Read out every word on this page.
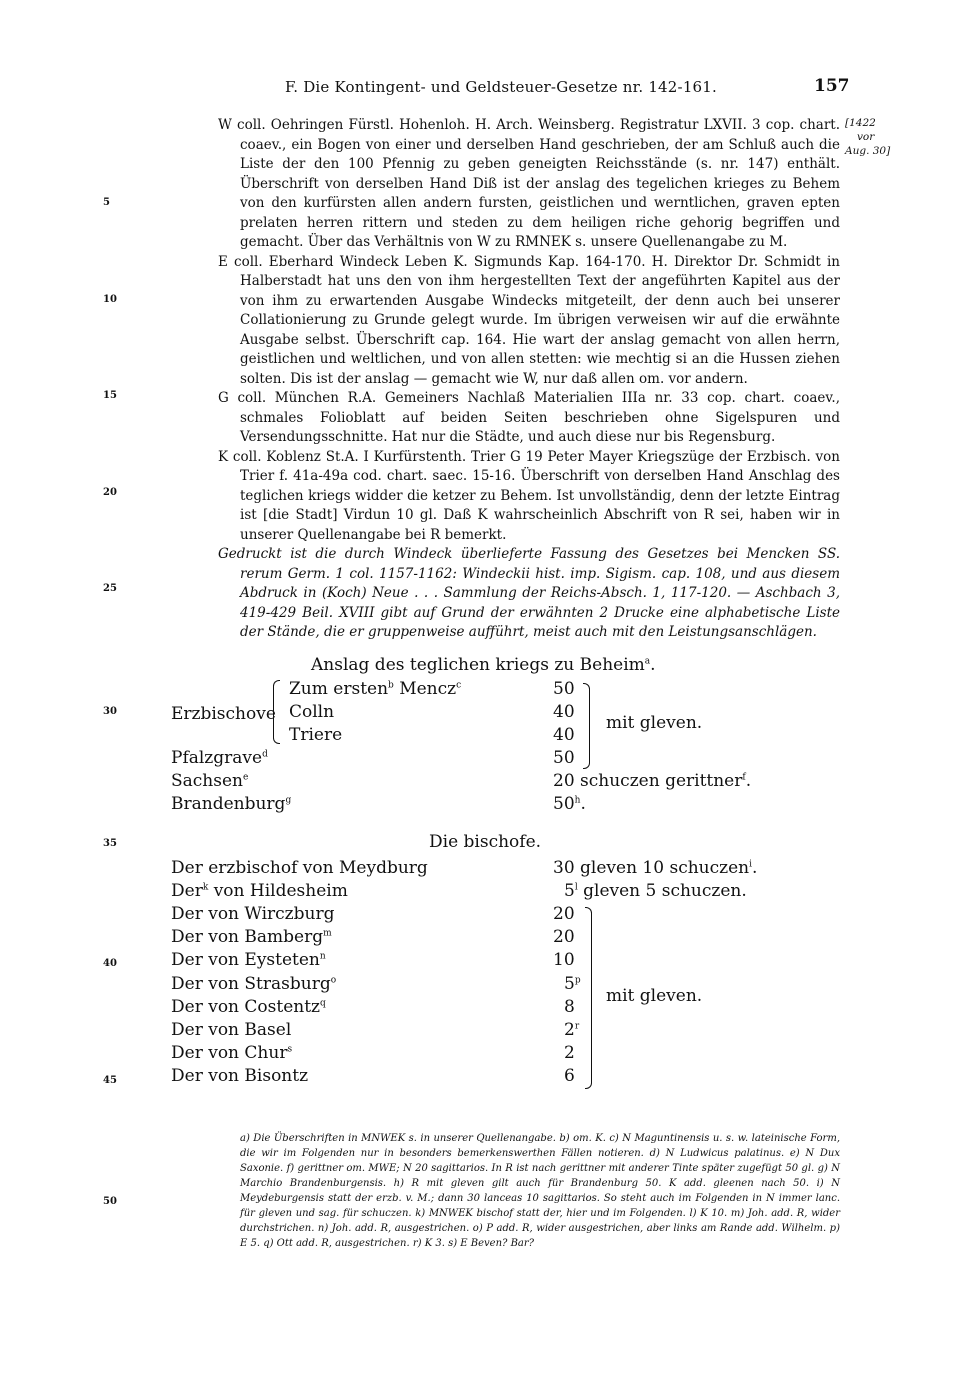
F. Die Kontingent- und Geldsteuer-Gesetze nr. 142-161.	157
[1422
vor
Aug. 30]
5
10
15
20
25
30
35
40
45
50

W coll. Oehringen Fürstl. Hohenloh. H. Arch. Weinsberg. Registratur LXVII. 3 cop. chart. coaev., ein Bogen von einer und derselben Hand geschrieben, der am Schluß auch die Liste der den 100 Pfennig zu geben geneigten Reichsstände (s. nr. 147) enthält. Überschrift von derselben Hand Diß ist der anslag des tegelichen krieges zu Behem von den kurfürsten allen andern fursten, geistlichen und werntlichen, graven epten prelaten herren rittern und steden zu dem heiligen riche gehorig begriffen und gemacht. Über das Verhältnis von W zu RMNEK s. unsere Quellenangabe zu M.

E coll. Eberhard Windeck Leben K. Sigmunds Kap. 164-170. H. Direktor Dr. Schmidt in Halberstadt hat uns den von ihm hergestellten Text der angeführten Kapitel aus der von ihm zu erwartenden Ausgabe Windecks mitgeteilt, der denn auch bei unserer Collationierung zu Grunde gelegt wurde. Im übrigen verweisen wir auf die erwähnte Ausgabe selbst. Überschrift cap. 164. Hie wart der anslag gemacht von allen herrn, geistlichen und weltlichen, und von allen stetten: wie mechtig si an die Hussen ziehen solten. Dis ist der anslag — gemacht wie W, nur daß allen om. vor andern.

G coll. München R.A. Gemeiners Nachlaß Materialien IIIa nr. 33 cop. chart. coaev., schmales Folioblatt auf beiden Seiten beschrieben ohne Sigelspuren und Versendungsschnitte. Hat nur die Städte, und auch diese nur bis Regensburg.

K coll. Koblenz St.A. I Kurfürstenth. Trier G 19 Peter Mayer Kriegszüge der Erzbisch. von Trier f. 41a-49a cod. chart. saec. 15-16. Überschrift von derselben Hand Anschlag des teglichen kriegs widder die ketzer zu Behem. Ist unvollständig, denn der letzte Eintrag ist [die Stadt] Virdun 10 gl. Daß K wahrscheinlich Abschrift von R sei, haben wir in unserer Quellenangabe bei R bemerkt.

Gedruckt ist die durch Windeck überlieferte Fassung des Gesetzes bei Mencken SS. rerum Germ. 1 col. 1157-1162: Windeckii hist. imp. Sigism. cap. 108, und aus diesem Abdruck in (Koch) Neue . . . Sammlung der Reichs-Absch. 1, 117-120. — Aschbach 3, 419-429 Beil. XVIII gibt auf Grund der erwähnten 2 Drucke eine alphabetische Liste der Stände, die er gruppenweise aufführt, meist auch mit den Leistungsanschlägen.

Anslag des teglichen kriegs zu Beheim$^a$.
Erzbischove
Zum ersten$^b$ Mencz$^c$	50
Colln	40
Triere	40
Pfalzgrave$^d$	50
mit gleven.
Sachsen$^e$	20 schuczen gerittner$^f$.
Brandenburg$^g$	50$^h$.
Die bischofe.
Der erzbischof von Meydburg	30 gleven 10 schuczen$^i$.
Der$^k$ von Hildesheim	5$^l$ gleven 5 schuczen.
Der von Wirczburg	20
Der von Bamberg$^m$	20
Der von Eysteten$^n$	10
Der von Strasburg$^o$	5$^p$
Der von Costentz$^q$	8
Der von Basel	2$^r$
Der von Chur$^s$	2
Der von Bisontz	6
mit gleven.

a) Die Überschriften in MNWEK s. in unserer Quellenangabe. b) om. K. c) N Maguntinensis u. s. w. lateinische Form, die wir im Folgenden nur in besonders bemerkenswerthen Fällen notieren. d) N Ludwicus palatinus. e) N Dux Saxonie. f) gerittner om. MWE; N 20 sagittarios. In R ist nach gerittner mit anderer Tinte später zugefügt 50 gl. g) N Marchio Brandenburgensis. h) R mit gleven gilt auch für Brandenburg 50. K add. gleenen nach 50. i) N Meydeburgensis statt der erzb. v. M.; dann 30 lanceas 10 sagittarios. So steht auch im Folgenden in N immer lanc. für gleven und sag. für schuczen. k) MNWEK bischof statt der, hier und im Folgenden. l) K 10. m) Joh. add. R, wider durchstrichen. n) Joh. add. R, ausgestrichen. o) P add. R, wider ausgestrichen, aber links am Rande add. Wilhelm. p) E 5. q) Ott add. R, ausgestrichen. r) K 3. s) E Beven? Bar?
